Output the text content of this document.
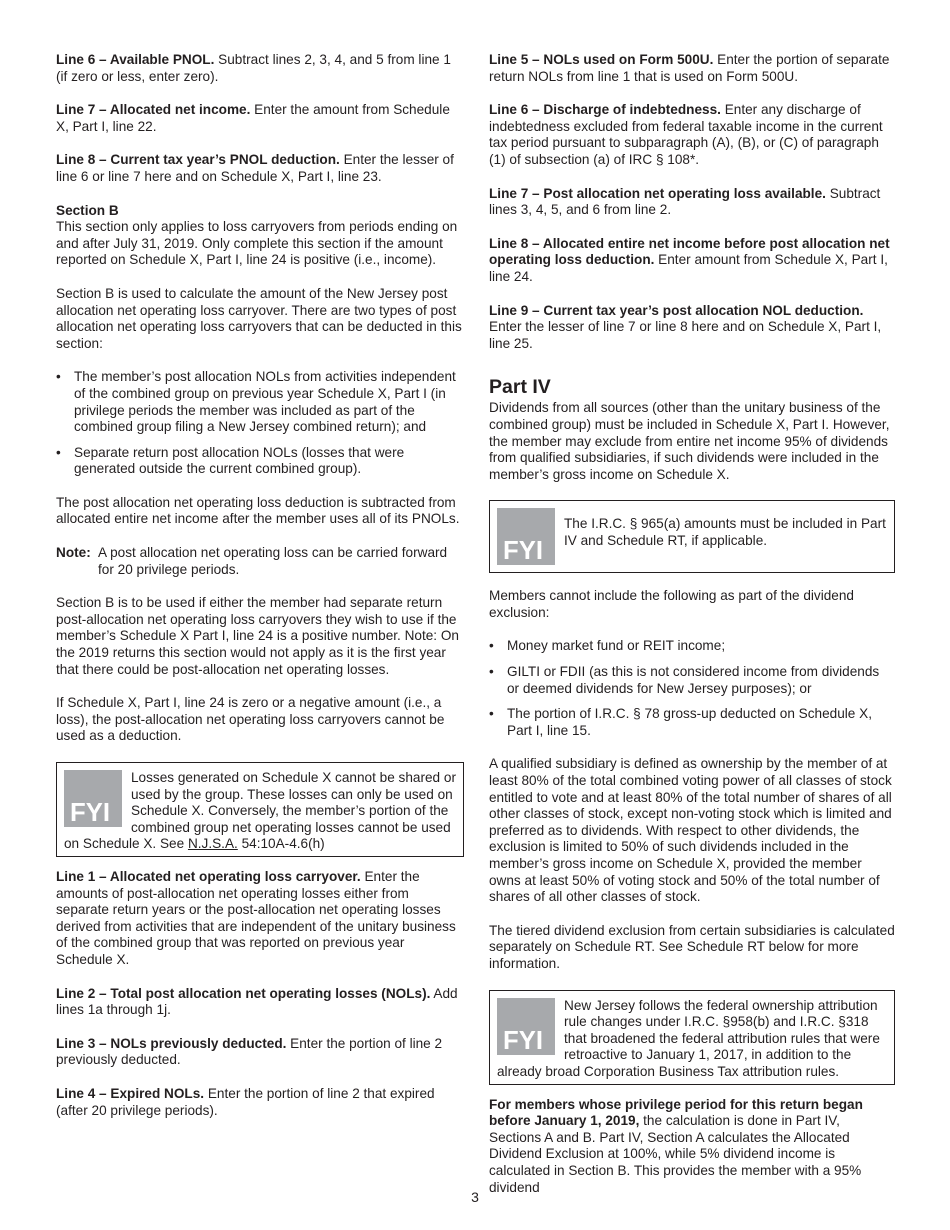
Line 6 – Available PNOL. Subtract lines 2, 3, 4, and 5 from line 1 (if zero or less, enter zero).

Line 7 – Allocated net income. Enter the amount from Schedule X, Part I, line 22.

Line 8 – Current tax year’s PNOL deduction. Enter the lesser of line 6 or line 7 here and on Schedule X, Part I, line 23.

Section B

This section only applies to loss carryovers from periods ending on and after July 31, 2019. Only complete this section if the amount reported on Schedule X, Part I, line 24 is positive (i.e., income).

Section B is used to calculate the amount of the New Jersey post allocation net operating loss carryover. There are two types of post allocation net operating loss carryovers that can be deducted in this section:

• The member’s post allocation NOLs from activities independent of the combined group on previous year Schedule X, Part I (in privilege periods the member was included as part of the combined group filing a New Jersey combined return); and
• Separate return post allocation NOLs (losses that were generated outside the current combined group).

The post allocation net operating loss deduction is subtracted from allocated entire net income after the member uses all of its PNOLs.

Note: A post allocation net operating loss can be carried forward for 20 privilege periods.

Section B is to be used if either the member had separate return post-allocation net operating loss carryovers they wish to use if the member’s Schedule X Part I, line 24 is a positive number. Note: On the 2019 returns this section would not apply as it is the first year that there could be post-allocation net operating losses.

If Schedule X, Part I, line 24 is zero or a negative amount (i.e., a loss), the post-allocation net operating loss carryovers cannot be used as a deduction.

FYI

Losses generated on Schedule X cannot be shared or used by the group. These losses can only be used on Schedule X. Conversely, the member’s portion of the combined group net operating losses cannot be used on Schedule X. See N.J.S.A. 54:10A-4.6(h)

Line 1 – Allocated net operating loss carryover. Enter the amounts of post-allocation net operating losses either from separate return years or the post-allocation net operating losses derived from activities that are independent of the unitary business of the combined group that was reported on previous year Schedule X.

Line 2 – Total post allocation net operating losses (NOLs). Add lines 1a through 1j.

Line 3 – NOLs previously deducted. Enter the portion of line 2 previously deducted.

Line 4 – Expired NOLs. Enter the portion of line 2 that expired (after 20 privilege periods).

Line 5 – NOLs used on Form 500U. Enter the portion of separate return NOLs from line 1 that is used on Form 500U.

Line 6 – Discharge of indebtedness. Enter any discharge of indebtedness excluded from federal taxable income in the current tax period pursuant to subparagraph (A), (B), or (C) of paragraph (1) of subsection (a) of IRC § 108*.

Line 7 – Post allocation net operating loss available. Subtract lines 3, 4, 5, and 6 from line 2.

Line 8 – Allocated entire net income before post allocation net operating loss deduction. Enter amount from Schedule X, Part I, line 24.

Line 9 – Current tax year’s post allocation NOL deduction. Enter the lesser of line 7 or line 8 here and on Schedule X, Part I, line 25.

Part IV

Dividends from all sources (other than the unitary business of the combined group) must be included in Schedule X, Part I. However, the member may exclude from entire net income 95% of dividends from qualified subsidiaries, if such dividends were included in the member’s gross income on Schedule X.

FYI

The I.R.C. § 965(a) amounts must be included in Part IV and Schedule RT, if applicable.

Members cannot include the following as part of the dividend exclusion:

• Money market fund or REIT income;
• GILTI or FDII (as this is not considered income from dividends or deemed dividends for New Jersey purposes); or
• The portion of I.R.C. § 78 gross-up deducted on Schedule X, Part I, line 15.

A qualified subsidiary is defined as ownership by the member of at least 80% of the total combined voting power of all classes of stock entitled to vote and at least 80% of the total number of shares of all other classes of stock, except non-voting stock which is limited and preferred as to dividends. With respect to other dividends, the exclusion is limited to 50% of such dividends included in the member’s gross income on Schedule X, provided the member owns at least 50% of voting stock and 50% of the total number of shares of all other classes of stock.

The tiered dividend exclusion from certain subsidiaries is calculated separately on Schedule RT. See Schedule RT below for more information.

FYI

New Jersey follows the federal ownership attribution rule changes under I.R.C. §958(b) and I.R.C. §318 that broadened the federal attribution rules that were retroactive to January 1, 2017, in addition to the already broad Corporation Business Tax attribution rules.

For members whose privilege period for this return began before January 1, 2019, the calculation is done in Part IV, Sections A and B. Part IV, Section A calculates the Allocated Dividend Exclusion at 100%, while 5% dividend income is calculated in Section B. This provides the member with a 95% dividend

3
